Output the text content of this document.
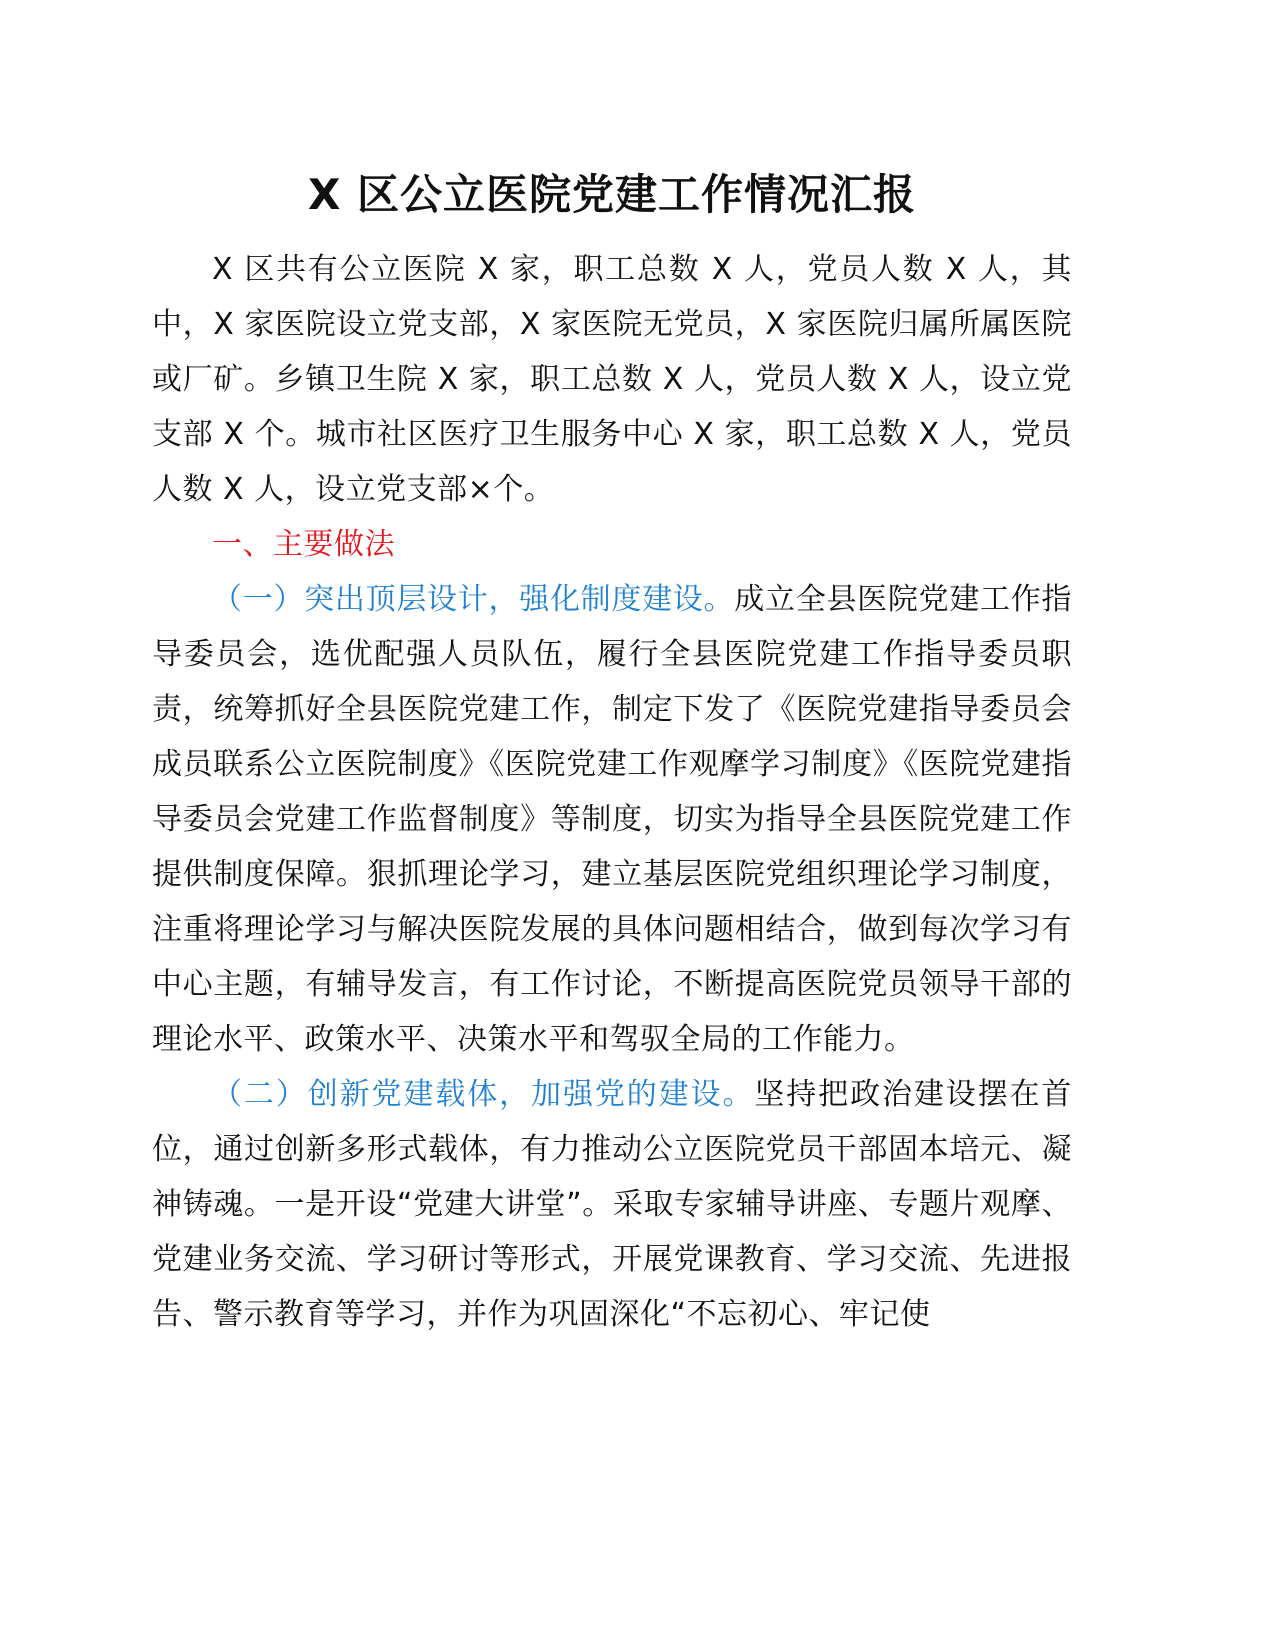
X 区公立医院党建工作情况汇报

X 区共有公立医院 X 家，职工总数 X 人，党员人数 X 人，其中，X 家医院设立党支部，X 家医院无党员，X 家医院归属所属医院或厂矿。乡镇卫生院 X 家，职工总数 X 人，党员人数 X 人，设立党支部 X 个。城市社区医疗卫生服务中心 X 家，职工总数 X 人，党员人数 X 人，设立党支部×个。

一、主要做法

（一）突出顶层设计，强化制度建设。成立全县医院党建工作指导委员会，选优配强人员队伍，履行全县医院党建工作指导委员职责，统筹抓好全县医院党建工作，制定下发了《医院党建指导委员会成员联系公立医院制度》《医院党建工作观摩学习制度》《医院党建指导委员会党建工作监督制度》等制度，切实为指导全县医院党建工作提供制度保障。狠抓理论学习，建立基层医院党组织理论学习制度，注重将理论学习与解决医院发展的具体问题相结合，做到每次学习有中心主题，有辅导发言，有工作讨论，不断提高医院党员领导干部的理论水平、政策水平、决策水平和驾驭全局的工作能力。

（二）创新党建载体，加强党的建设。坚持把政治建设摆在首位，通过创新多形式载体，有力推动公立医院党员干部固本培元、凝神铸魂。一是开设“党建大讲堂”。采取专家辅导讲座、专题片观摩、党建业务交流、学习研讨等形式，开展党课教育、学习交流、先进报告、警示教育等学习，并作为巩固深化“不忘初心、牢记使
